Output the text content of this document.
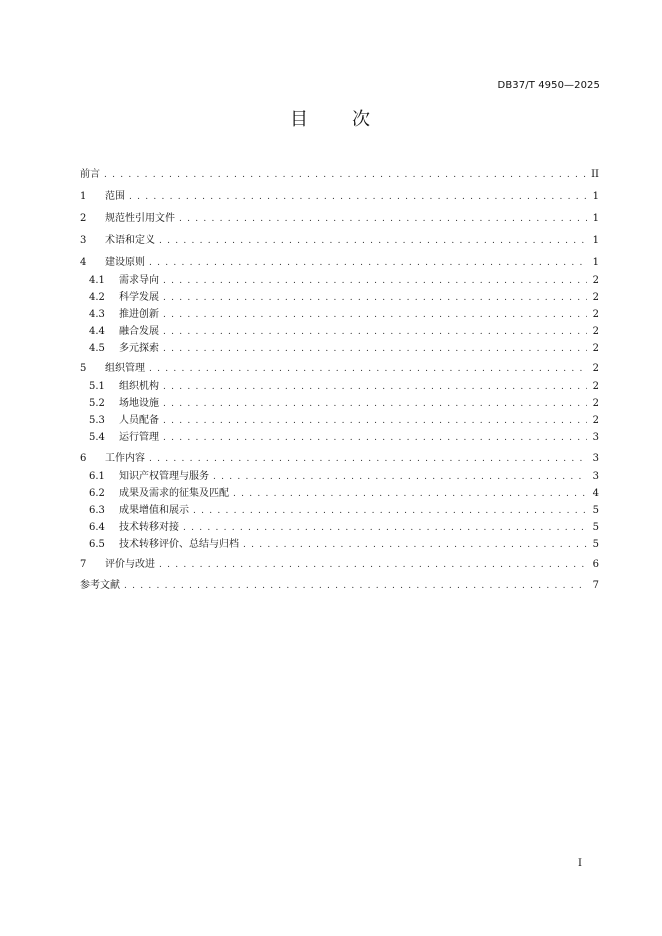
DB37/T 4950—2025
目 次
前言 . . .	II
1	范围 . . .	1
2	规范性引用文件 . . .	1
3	术语和定义 . . .	1
4	建设原则 . . .	1
4.1	需求导向 . . .	2
4.2	科学发展 . . .	2
4.3	推进创新 . . .	2
4.4	融合发展 . . .	2
4.5	多元探索 . . .	2
5	组织管理 . . .	2
5.1	组织机构 . . .	2
5.2	场地设施 . . .	2
5.3	人员配备 . . .	2
5.4	运行管理 . . .	3
6	工作内容 . . .	3
6.1	知识产权管理与服务 . . .	3
6.2	成果及需求的征集及匹配 . . .	4
6.3	成果增值和展示 . . .	5
6.4	技术转移对接 . . .	5
6.5	技术转移评价、总结与归档 . . .	5
7	评价与改进 . . .	6
参考文献 . . .	7
I
